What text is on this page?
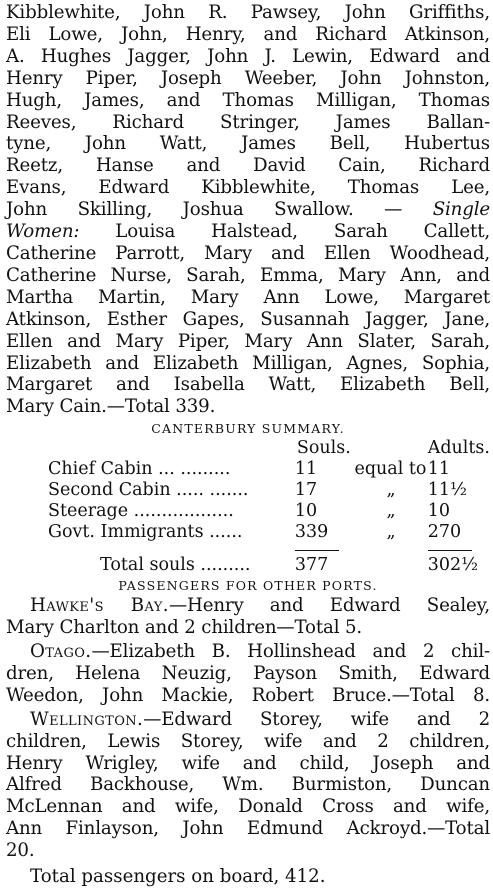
Kibblewhite, John R. Pawsey, John Griffiths,
Eli Lowe, John, Henry, and Richard Atkinson,
A. Hughes Jagger, John J. Lewin, Edward and
Henry Piper, Joseph Weeber, John Johnston,
Hugh, James, and Thomas Milligan, Thomas
Reeves, Richard Stringer, James Ballan-
tyne, John Watt, James Bell, Hubertus
Reetz, Hanse and David Cain, Richard
Evans, Edward Kibblewhite, Thomas Lee,
John Skilling, Joshua Swallow. — Single
Women: Louisa Halstead, Sarah Callett,
Catherine Parrott, Mary and Ellen Woodhead,
Catherine Nurse, Sarah, Emma, Mary Ann, and
Martha Martin, Mary Ann Lowe, Margaret
Atkinson, Esther Gapes, Susannah Jagger, Jane,
Ellen and Mary Piper, Mary Ann Slater, Sarah,
Elizabeth and Elizabeth Milligan, Agnes, Sophia,
Margaret and Isabella Watt, Elizabeth Bell,
Mary Cain.—Total 339.

CANTERBURY SUMMARY.

	Souls.		Adults.
Chief Cabin ... .........	11	equal to	11
Second Cabin ..... .......	17	„	11½
Steerage ..................	10	„	10
Govt. Immigrants ......	339	„	270

Total souls .........	377		302½

PASSENGERS FOR OTHER PORTS.

Hawke's Bay.—Henry and Edward Sealey,
Mary Charlton and 2 children—Total 5.
Otago.—Elizabeth B. Hollinshead and 2 chil-
dren, Helena Neuzig, Payson Smith, Edward
Weedon, John Mackie, Robert Bruce.—Total 8.
Wellington.—Edward Storey, wife and 2
children, Lewis Storey, wife and 2 children,
Henry Wrigley, wife and child, Joseph and
Alfred Backhouse, Wm. Burmiston, Duncan
McLennan and wife, Donald Cross and wife,
Ann Finlayson, John Edmund Ackroyd.—Total
20.
Total passengers on board, 412.
